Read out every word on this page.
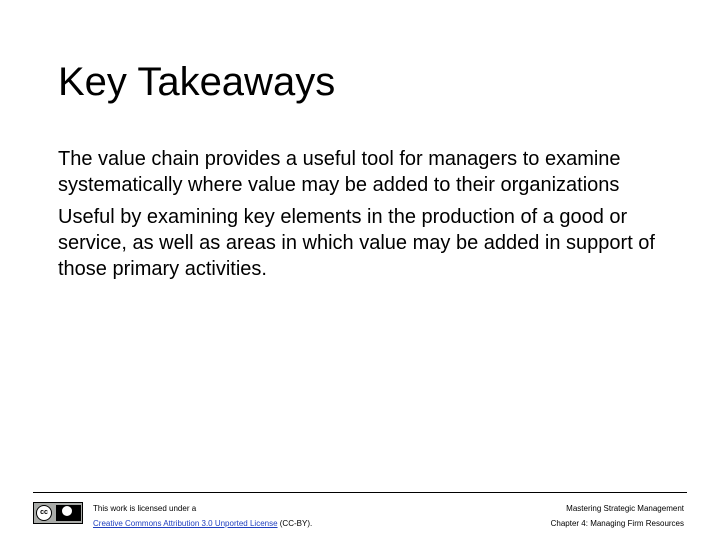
Key Takeaways

The value chain provides a useful tool for managers to examine systematically where value may be added to their organizations

Useful by examining key elements in the production of a good or service, as well as areas in which value may be added in support of those primary activities.

cc	This work is licensed under a
Creative Commons Attribution 3.0 Unported License (CC-BY).
Mastering Strategic Management
Chapter 4: Managing Firm Resources
